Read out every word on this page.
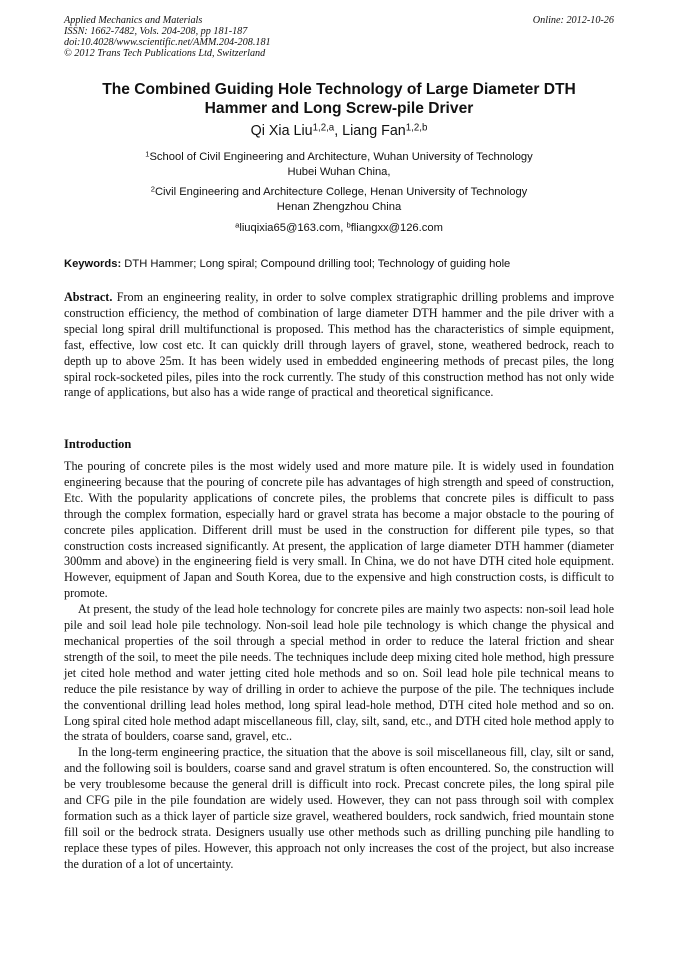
Applied Mechanics and Materials
ISSN: 1662-7482, Vols. 204-208, pp 181-187
doi:10.4028/www.scientific.net/AMM.204-208.181
© 2012 Trans Tech Publications Ltd, Switzerland
Online: 2012-10-26
The Combined Guiding Hole Technology of Large Diameter DTH
Hammer and Long Screw-pile Driver
Qi Xia Liu$^{1,2,a}$, Liang Fan$^{1,2,b}$
$^1$School of Civil Engineering and Architecture, Wuhan University of Technology
Hubei Wuhan China,
$^2$Civil Engineering and Architecture College, Henan University of Technology
Henan Zhengzhou China
$^a$liuqixia65@163.com, $^b$fliangxx@126.com
Keywords: DTH Hammer; Long spiral; Compound drilling tool; Technology of guiding hole
Abstract. From an engineering reality, in order to solve complex stratigraphic drilling problems and improve construction efficiency, the method of combination of large diameter DTH hammer and the pile driver with a special long spiral drill multifunctional is proposed. This method has the characteristics of simple equipment, fast, effective, low cost etc. It can quickly drill through layers of gravel, stone, weathered bedrock, reach to depth up to above 25m. It has been widely used in embedded engineering methods of precast piles, the long spiral rock-socketed piles, piles into the rock currently. The study of this construction method has not only wide range of applications, but also has a wide range of practical and theoretical significance.
Introduction

The pouring of concrete piles is the most widely used and more mature pile. It is widely used in foundation engineering because that the pouring of concrete pile has advantages of high strength and speed of construction, Etc. With the popularity applications of concrete piles, the problems that concrete piles is difficult to pass through the complex formation, especially hard or gravel strata has become a major obstacle to the pouring of concrete piles application. Different drill must be used in the construction for different pile types, so that construction costs increased significantly. At present, the application of large diameter DTH hammer (diameter 300mm and above) in the engineering field is very small. In China, we do not have DTH cited hole equipment. However, equipment of Japan and South Korea, due to the expensive and high construction costs, is difficult to promote.

At present, the study of the lead hole technology for concrete piles are mainly two aspects: non-soil lead hole pile and soil lead hole pile technology. Non-soil lead hole pile technology is which change the physical and mechanical properties of the soil through a special method in order to reduce the lateral friction and shear strength of the soil, to meet the pile needs. The techniques include deep mixing cited hole method, high pressure jet cited hole method and water jetting cited hole methods and so on. Soil lead hole pile technical means to reduce the pile resistance by way of drilling in order to achieve the purpose of the pile. The techniques include the conventional drilling lead holes method, long spiral lead-hole method, DTH cited hole method and so on. Long spiral cited hole method adapt miscellaneous fill, clay, silt, sand, etc., and DTH cited hole method apply to the strata of boulders, coarse sand, gravel, etc..

In the long-term engineering practice, the situation that the above is soil miscellaneous fill, clay, silt or sand, and the following soil is boulders, coarse sand and gravel stratum is often encountered. So, the construction will be very troublesome because the general drill is difficult into rock. Precast concrete piles, the long spiral pile and CFG pile in the pile foundation are widely used. However, they can not pass through soil with complex formation such as a thick layer of particle size gravel, weathered boulders, rock sandwich, fried mountain stone fill soil or the bedrock strata. Designers usually use other methods such as drilling punching pile handling to replace these types of piles. However, this approach not only increases the cost of the project, but also increase the duration of a lot of uncertainty.
